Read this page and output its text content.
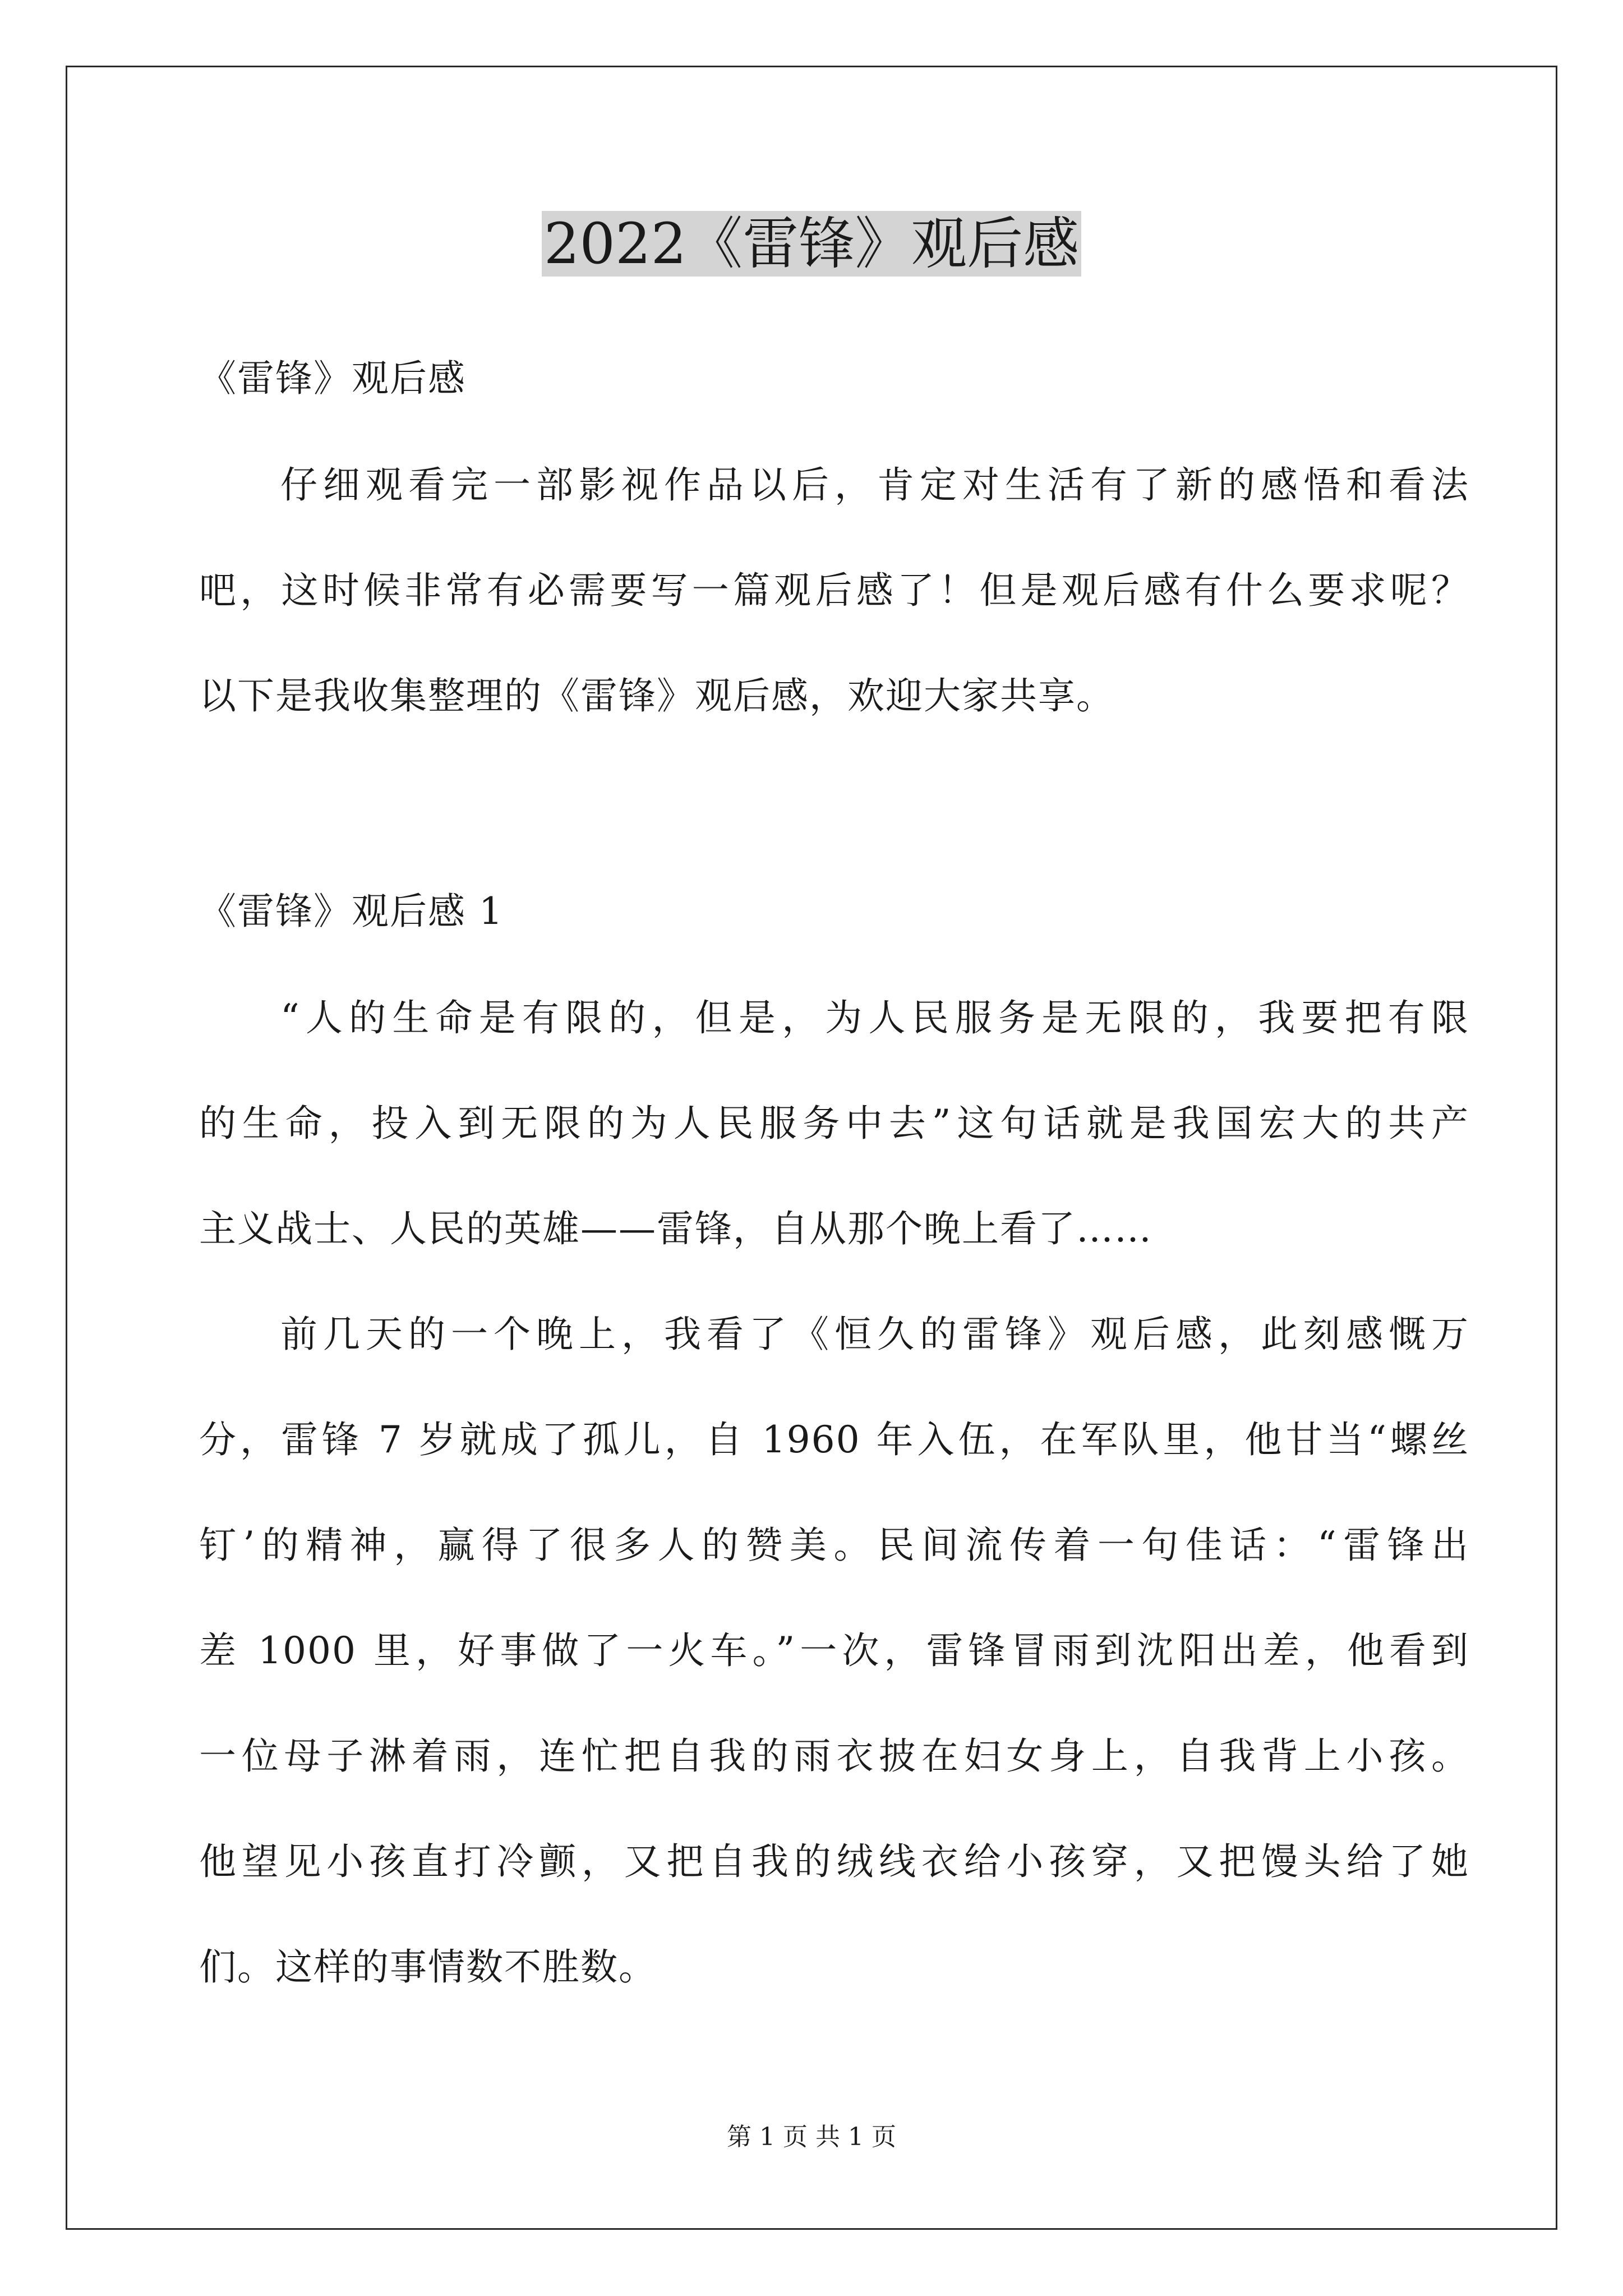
2022《雷锋》观后感
《雷锋》观后感
仔细观看完一部影视作品以后，肯定对生活有了新的感悟和看法
吧，这时候非常有必需要写一篇观后感了！但是观后感有什么要求呢？
以下是我收集整理的《雷锋》观后感，欢迎大家共享。
《雷锋》观后感 1
“人的生命是有限的，但是，为人民服务是无限的，我要把有限
的生命，投入到无限的为人民服务中去”这句话就是我国宏大的共产
主义战士、人民的英雄——雷锋，自从那个晚上看了……
前几天的一个晚上，我看了《恒久的雷锋》观后感，此刻感慨万
分，雷锋 7 岁就成了孤儿，自 1960 年入伍，在军队里，他甘当“螺丝
钉’的精神，赢得了很多人的赞美。民间流传着一句佳话：“雷锋出
差 1000 里，好事做了一火车。”一次，雷锋冒雨到沈阳出差，他看到
一位母子淋着雨，连忙把自我的雨衣披在妇女身上，自我背上小孩。
他望见小孩直打冷颤，又把自我的绒线衣给小孩穿，又把馒头给了她
们。这样的事情数不胜数。
第 1 页 共 1 页
